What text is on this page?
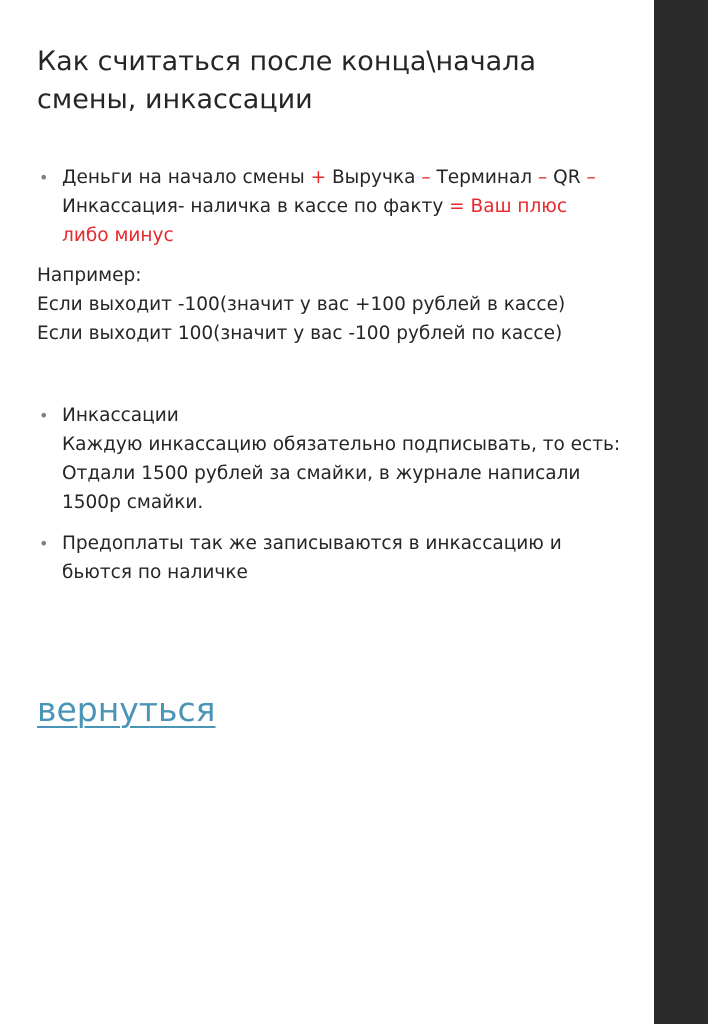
Как считаться после конца\начала
смены, инкассации
• Деньги на начало смены + Выручка – Терминал – QR –
Инкассация- наличка в кассе по факту = Ваш плюс
либо минус
Например:
Если выходит -100(значит у вас +100 рублей в кассе)
Если выходит 100(значит у вас -100 рублей по кассе)
• Инкассации
Каждую инкассацию обязательно подписывать, то есть:
Отдали 1500 рублей за смайки, в журнале написали
1500р смайки.
• Предоплаты так же записываются в инкассацию и
бьются по наличке
вернуться
